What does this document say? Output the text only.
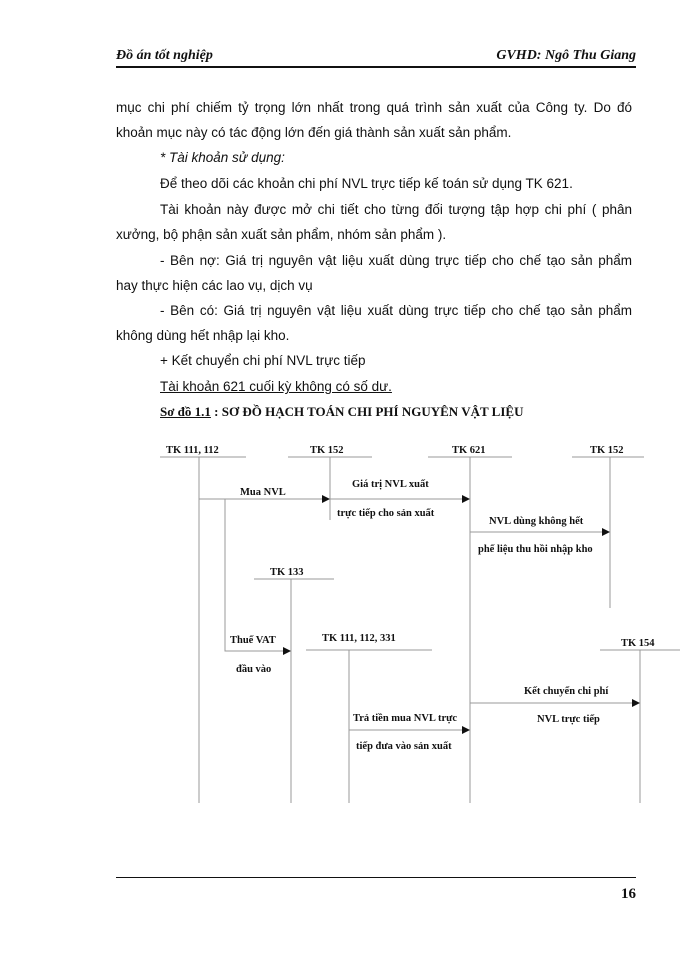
Đồ án tốt nghiệp	GVHD: Ngô Thu Giang
mục chi phí chiếm tỷ trọng lớn nhất trong quá trình sản xuất của Công ty. Do đó
khoản mục này có tác động lớn đến giá thành sản xuất sản phẩm.
* Tài khoản sử dụng:
Để theo dõi các khoản chi phí NVL trực tiếp kế toán sử dụng TK 621.
Tài khoản này được mở chi tiết cho từng đối tượng tập hợp chi phí ( phân
xưởng, bộ phận sản xuất sản phẩm, nhóm sản phẩm ).
- Bên nợ: Giá trị nguyên vật liệu xuất dùng trực tiếp cho chế tạo sản phẩm
hay thực hiện các lao vụ, dịch vụ
- Bên có: Giá trị nguyên vật liệu xuất dùng trực tiếp cho chế tạo sản phẩm
không dùng hết nhập lại kho.
+ Kết chuyển chi phí NVL trực tiếp
Tài khoản 621 cuối kỳ không có số dư.
Sơ đồ 1.1 : SƠ ĐỒ HẠCH TOÁN CHI PHÍ NGUYÊN VẬT LIỆU
TK 111, 112	TK 152	TK 621	TK 152
TK 133
TK 111, 112, 331	TK 154
Mua NVL
Giá trị NVL xuất
trực tiếp cho sản xuất
NVL dùng không hết
phế liệu thu hồi nhập kho
Thuế VAT
đầu vào
Trả tiền mua NVL trực
tiếp đưa vào sản xuất
Kết chuyển chi phí
NVL trực tiếp
16
